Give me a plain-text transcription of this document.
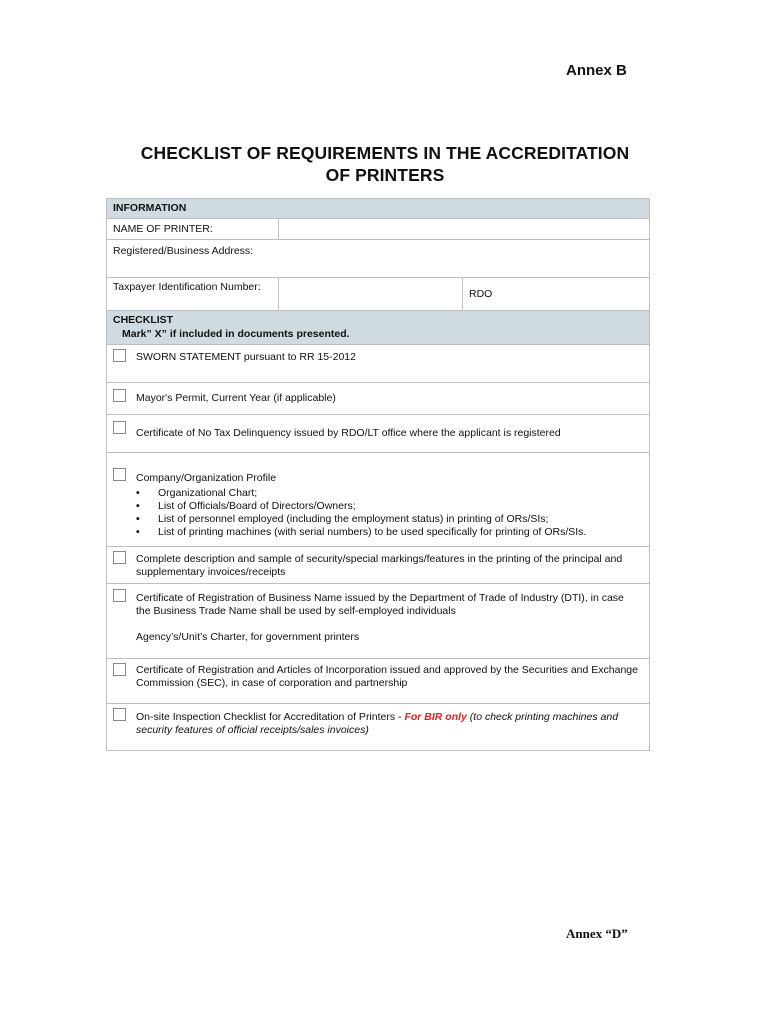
Annex B
CHECKLIST OF REQUIREMENTS IN THE ACCREDITATION
OF PRINTERS
INFORMATION
NAME OF PRINTER:
Registered/Business Address:
Taxpayer Identification Number:
RDO
CHECKLIST
Mark” X” if included in documents presented.
SWORN STATEMENT pursuant to RR 15-2012
Mayor's Permit, Current Year (if applicable)
Certificate of No Tax Delinquency issued by RDO/LT office where the applicant is registered
Company/Organization Profile
• Organizational Chart;
• List of Officials/Board of Directors/Owners;
• List of personnel employed (including the employment status) in printing of ORs/SIs;
• List of printing machines (with serial numbers) to be used specifically for printing of ORs/SIs.
Complete description and sample of security/special markings/features in the printing of the principal and supplementary invoices/receipts
Certificate of Registration of Business Name issued by the Department of Trade of Industry (DTI), in case the Business Trade Name shall be used by self-employed individuals
Agency’s/Unit’s Charter, for government printers
Certificate of Registration and Articles of Incorporation issued and approved by the Securities and Exchange Commission (SEC), in case of corporation and partnership
On-site Inspection Checklist for Accreditation of Printers - For BIR only (to check printing machines and security features of official receipts/sales invoices)
Annex “D”
